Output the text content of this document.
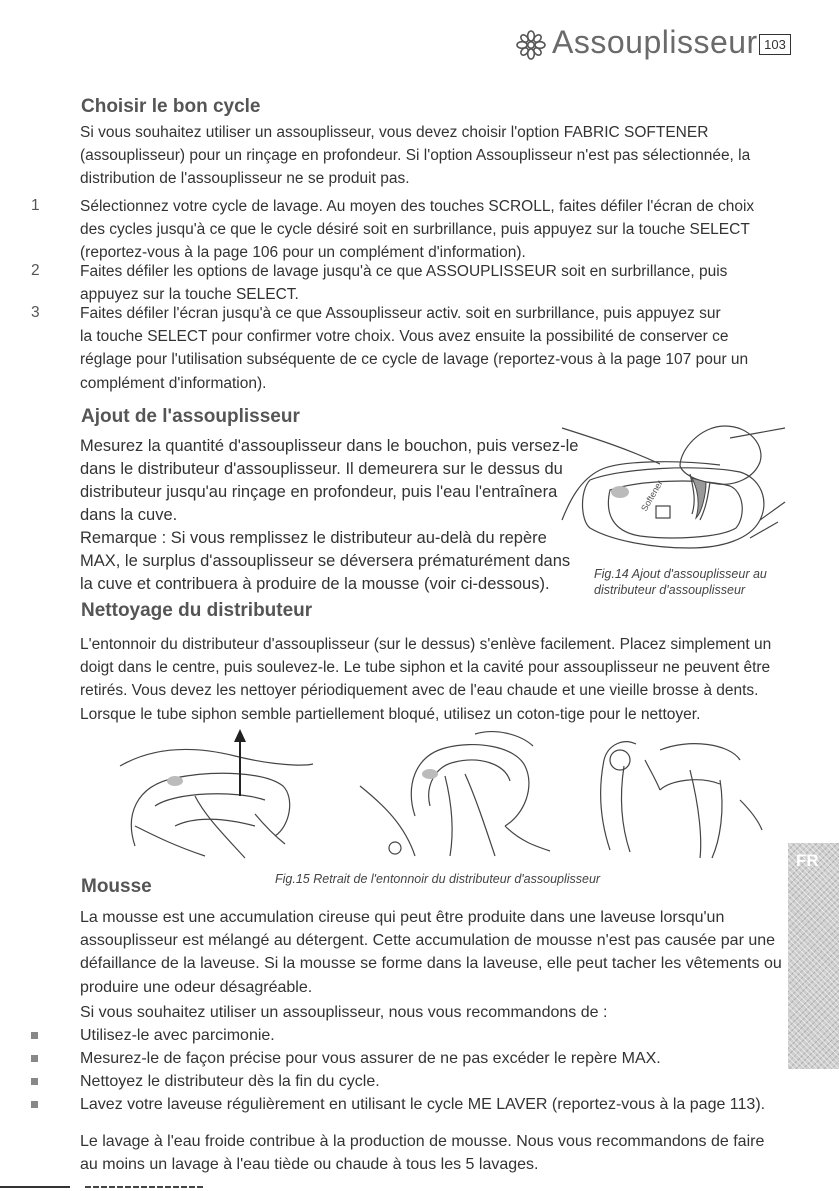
Assouplisseur 103
Choisir le bon cycle
Si vous souhaitez utiliser un assouplisseur, vous devez choisir l'option FABRIC SOFTENER
(assouplisseur) pour un rinçage en profondeur. Si l'option Assouplisseur n'est pas sélectionnée, la
distribution de l'assouplisseur ne se produit pas.
1	Sélectionnez votre cycle de lavage. Au moyen des touches SCROLL, faites défiler l'écran de choix
des cycles jusqu'à ce que le cycle désiré soit en surbrillance, puis appuyez sur la touche SELECT
(reportez-vous à la page 106 pour un complément d'information).
2	Faites défiler les options de lavage jusqu'à ce que ASSOUPLISSEUR soit en surbrillance, puis
appuyez sur la touche SELECT.
3	Faites défiler l'écran jusqu'à ce que Assouplisseur activ. soit en surbrillance, puis appuyez sur
la touche SELECT pour confirmer votre choix. Vous avez ensuite la possibilité de conserver ce
réglage pour l'utilisation subséquente de ce cycle de lavage (reportez-vous à la page 107 pour un
complément d'information).
Ajout de l'assouplisseur
Mesurez la quantité d'assouplisseur dans le bouchon, puis versez-le
dans le distributeur d'assouplisseur. Il demeurera sur le dessus du
distributeur jusqu'au rinçage en profondeur, puis l'eau l'entraînera
dans la cuve.
Remarque : Si vous remplissez le distributeur au-delà du repère
MAX, le surplus d'assouplisseur se déversera prématurément dans
la cuve et contribuera à produire de la mousse (voir ci-dessous).
Softener
Fig.14 Ajout d'assouplisseur au
distributeur d'assouplisseur
Nettoyage du distributeur
L'entonnoir du distributeur d'assouplisseur (sur le dessus) s'enlève facilement. Placez simplement un
doigt dans le centre, puis soulevez-le. Le tube siphon et la cavité pour assouplisseur ne peuvent être
retirés. Vous devez les nettoyer périodiquement avec de l'eau chaude et une vieille brosse à dents.
Lorsque le tube siphon semble partiellement bloqué, utilisez un coton-tige pour le nettoyer.
Mousse	Fig.15 Retrait de l'entonnoir du distributeur d'assouplisseur
La mousse est une accumulation cireuse qui peut être produite dans une laveuse lorsqu'un
assouplisseur est mélangé au détergent. Cette accumulation de mousse n'est pas causée par une
défaillance de la laveuse. Si la mousse se forme dans la laveuse, elle peut tacher les vêtements ou
produire une odeur désagréable.
Si vous souhaitez utiliser un assouplisseur, nous vous recommandons de :
Utilisez-le avec parcimonie.
Mesurez-le de façon précise pour vous assurer de ne pas excéder le repère MAX.
Nettoyez le distributeur dès la fin du cycle.
Lavez votre laveuse régulièrement en utilisant le cycle ME LAVER (reportez-vous à la page 113).
Le lavage à l'eau froide contribue à la production de mousse. Nous vous recommandons de faire
au moins un lavage à l'eau tiède ou chaude à tous les 5 lavages.
FR
